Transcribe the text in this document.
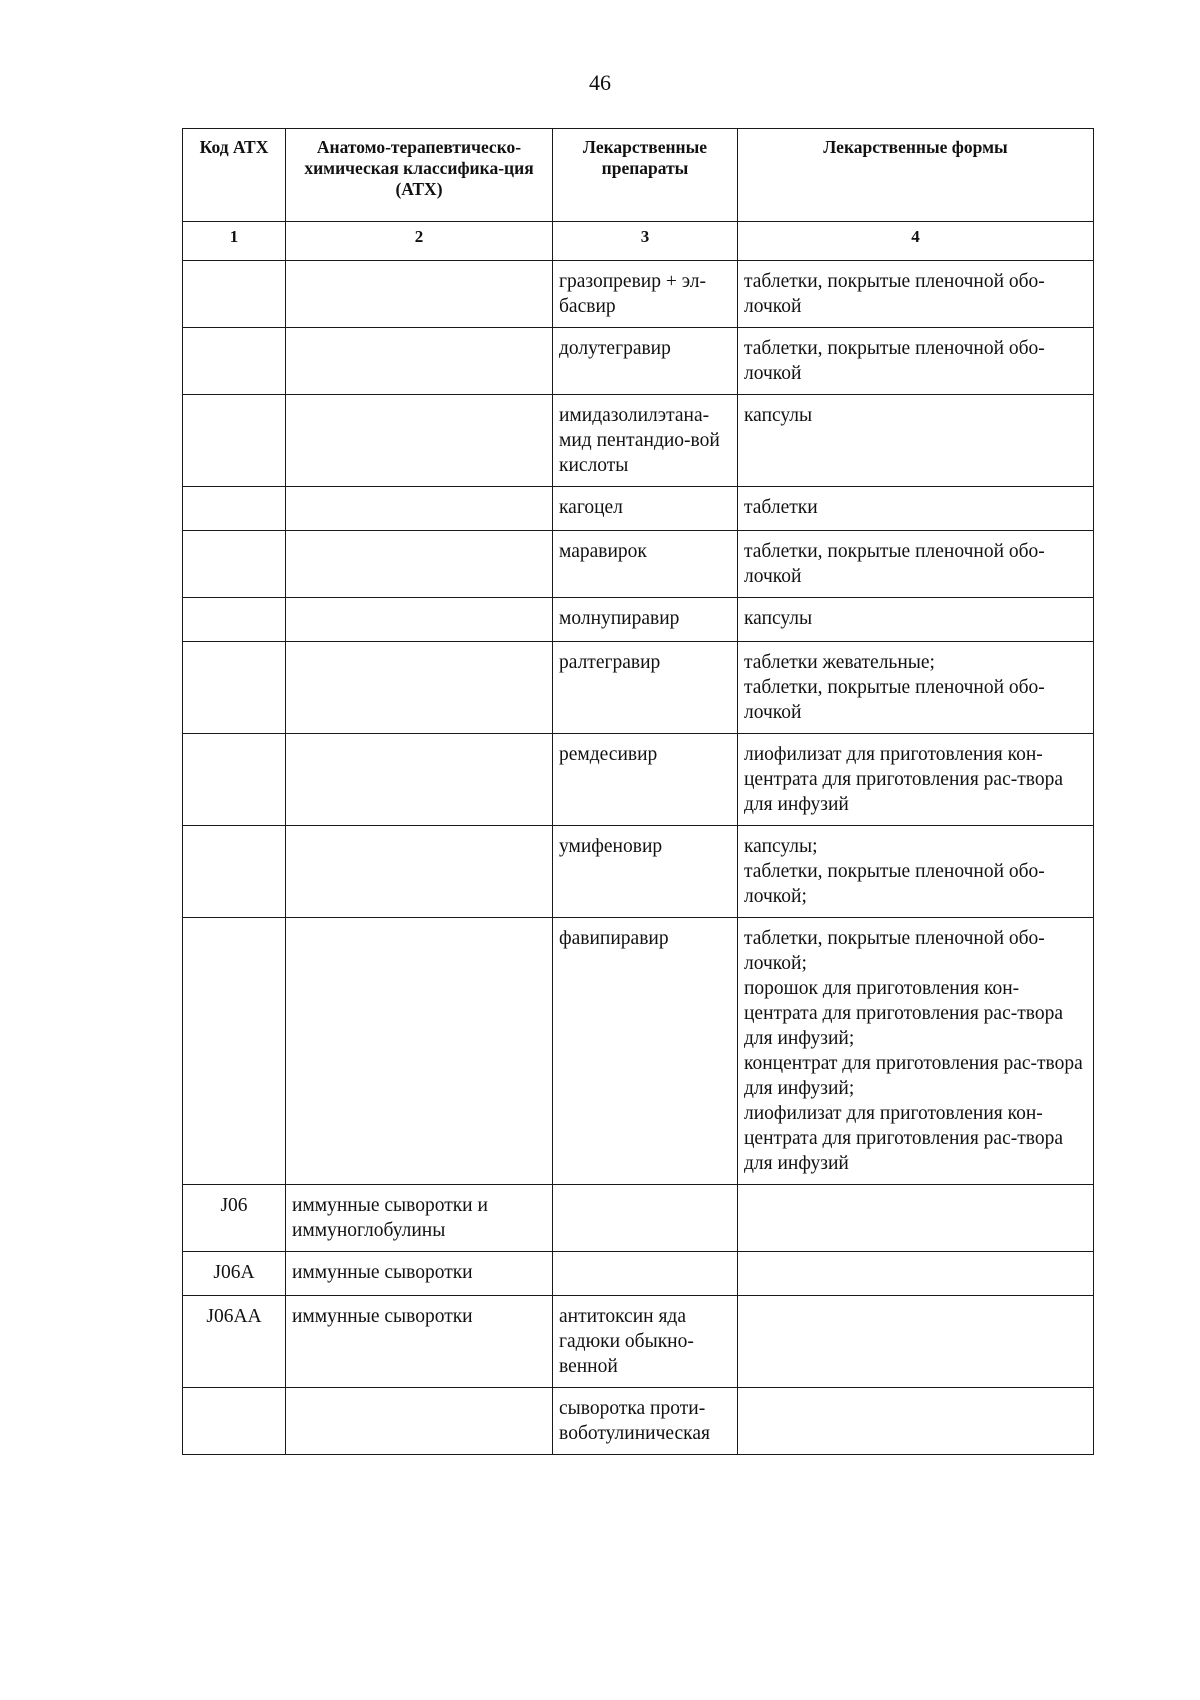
46
Код АТХ	Анатомо-терапевтическо-химическая классифика-ция (АТХ)	Лекарственные препараты	Лекарственные формы
1	2	3	4
		гразопревир + эл-басвир	таблетки, покрытые пленочной обо-лочкой

		долутегравир	таблетки, покрытые пленочной обо-лочкой

		имидазолилэтана-мид пентандио-вой кислоты	капсулы

		кагоцел	таблетки

		маравирок	таблетки, покрытые пленочной обо-лочкой

		молнупиравир	капсулы

		ралтегравир	таблетки жевательные;
таблетки, покрытые пленочной обо-лочкой

		ремдесивир	лиофилизат для приготовления кон-центрата для приготовления рас-твора для инфузий

		умифеновир	капсулы;
таблетки, покрытые пленочной обо-лочкой;

		фавипиравир	таблетки, покрытые пленочной обо-лочкой;
порошок для приготовления кон-центрата для приготовления рас-твора для инфузий;
концентрат для приготовления рас-твора для инфузий;
лиофилизат для приготовления кон-центрата для приготовления рас-твора для инфузий

J06	иммунные сыворотки и иммуноглобулины		
J06A	иммунные сыворотки		
J06AA	иммунные сыворотки	антитоксин яда гадюки обыкно-венной	
		сыворотка проти-вoботулиническая	
